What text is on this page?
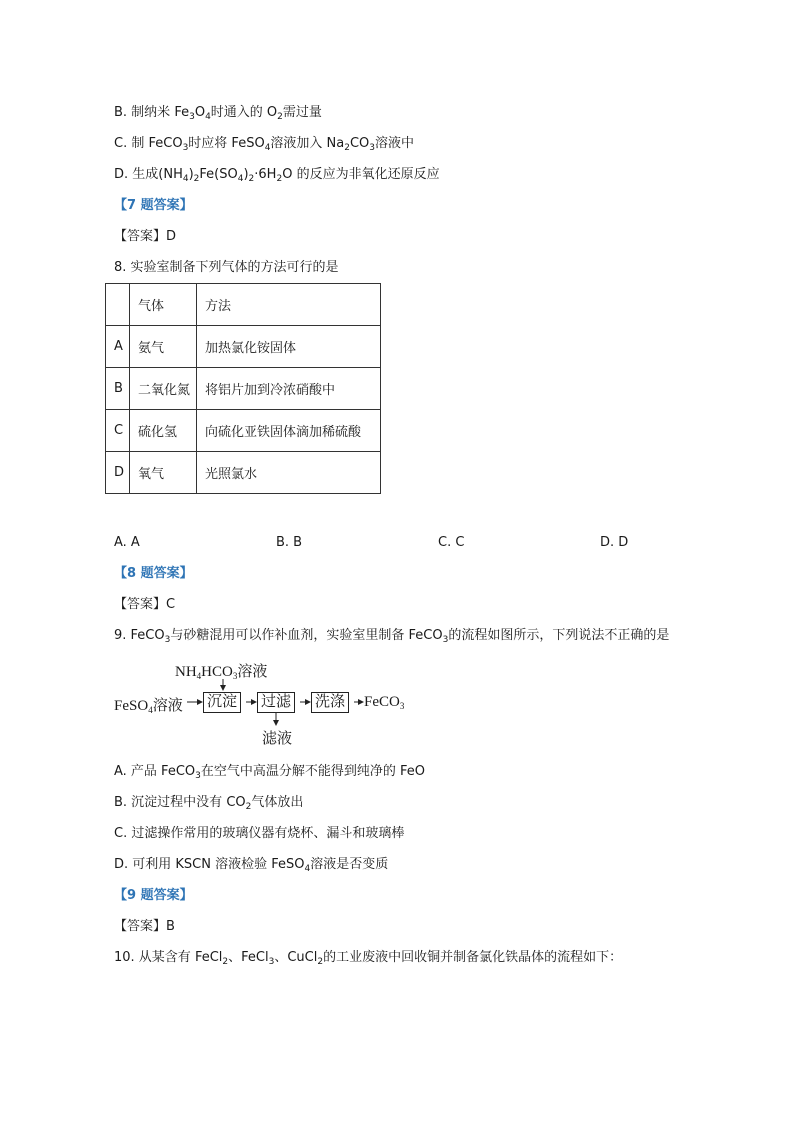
B. 制纳米 $Fe_3O_4$时通入的 $O_2$需过量
C. 制 FeCO$_3$时应将 FeSO$_4$溶液加入 $Na_2CO_3$溶液中
D. 生成$(NH_4)_2Fe(SO_4)_2\cdot 6H_2O$ 的反应为非氧化还原反应
【7 题答案】
【答案】D
8. 实验室制备下列气体的方法可行的是
	气体	方法
A	氨气	加热氯化铵固体
B	二氧化氮	将铝片加到冷浓硝酸中
C	硫化氢	向硫化亚铁固体滴加稀硫酸
D	氧气	光照氯水
A. A	B. B	C. C	D. D
【8 题答案】
【答案】C
9. FeCO$_3$与砂糖混用可以作补血剂，实验室里制备 FeCO$_3$的流程如图所示，下列说法不正确的是
$NH_4HCO_3$溶液
FeSO$_4$溶液 沉淀 过滤 洗涤 FeCO$_3$
滤液
A. 产品 FeCO$_3$在空气中高温分解不能得到纯净的 FeO
B. 沉淀过程中没有 $CO_2$气体放出
C. 过滤操作常用的玻璃仪器有烧杯、漏斗和玻璃棒
D. 可利用 KSCN 溶液检验 FeSO$_4$溶液是否变质
【9 题答案】
【答案】B
10. 从某含有 FeCl$_2$、FeCl$_3$、CuCl$_2$的工业废液中回收铜并制备氯化铁晶体的流程如下：
